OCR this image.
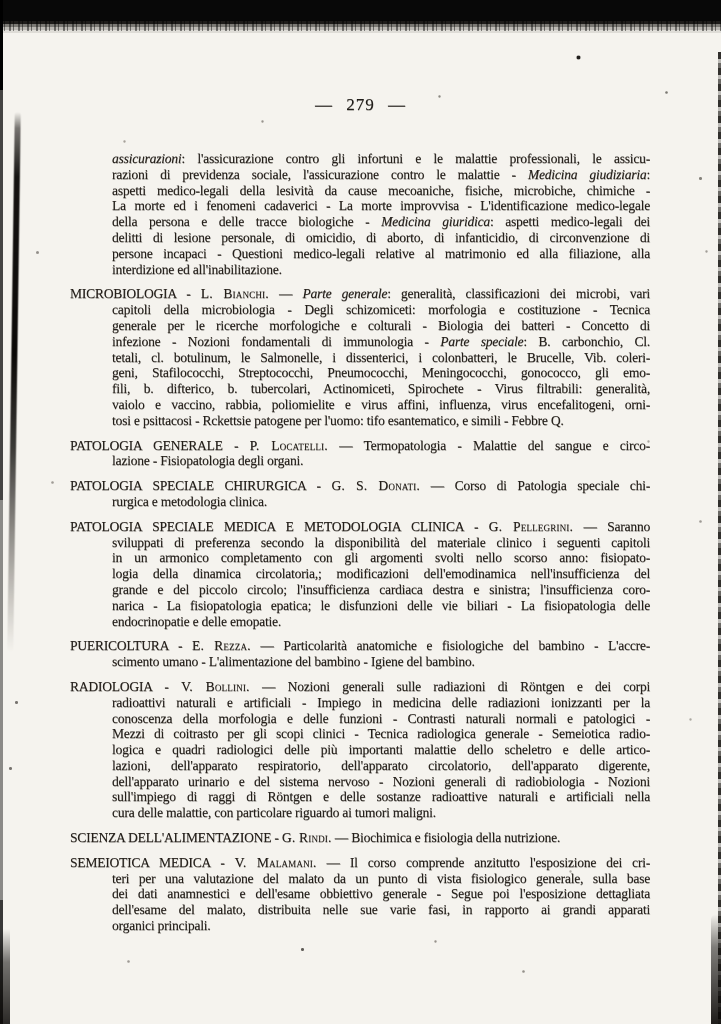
— 279 —
assicurazioni: l'assicurazione contro gli infortuni e le malattie professionali, le assicu-
razioni di previdenza sociale, l'assicurazione contro le malattie - Medicina giudiziaria:
aspetti medico-legali della lesività da cause mecoaniche, fisiche, microbiche, chimiche -
La morte ed i fenomeni cadaverici - La morte improvvisa - L'identificazione medico-legale
della persona e delle tracce biologiche - Medicina giuridica: aspetti medico-legali dei
delitti di lesione personale, di omicidio, di aborto, di infanticidio, di circonvenzione di
persone incapaci - Questioni medico-legali relative al matrimonio ed alla filiazione, alla
interdizione ed all'inabilitazione.
MICROBIOLOGIA - L. Bianchi. — Parte generale: generalità, classificazioni dei microbi, vari
capitoli della microbiologia - Degli schizomiceti: morfologia e costituzione - Tecnica
generale per le ricerche morfologiche e colturali - Biologia dei batteri - Concetto di
infezione - Nozioni fondamentali di immunologia - Parte speciale: B. carbonchio, Cl.
tetali, cl. botulinum, le Salmonelle, i dissenterici, i colonbatteri, le Brucelle, Vib. coleri-
geni, Stafilococchi, Streptococchi, Pneumococchi, Meningococchi, gonococco, gli emo-
fili, b. difterico, b. tubercolari, Actinomiceti, Spirochete - Virus filtrabili: generalità,
vaiolo e vaccino, rabbia, poliomielite e virus affini, influenza, virus encefalitogeni, orni-
tosi e psittacosi - Rckettsie patogene per l'uomo: tifo esantematico, e simili - Febbre Q.
PATOLOGIA GENERALE - P. Locatelli. — Termopatologia - Malattie del sangue e circo-
lazione - Fisiopatologia degli organi.
PATOLOGIA SPECIALE CHIRURGICA - G. S. Donati. — Corso di Patologia speciale chi-
rurgica e metodologia clinica.
PATOLOGIA SPECIALE MEDICA E METODOLOGIA CLINICA - G. Pellegrini. — Saranno
sviluppati di preferenza secondo la disponibilità del materiale clinico i seguenti capitoli
in un armonico completamento con gli argomenti svolti nello scorso anno: fisiopato-
logia della dinamica circolatoria,; modificazioni dell'emodinamica nell'insufficienza del
grande e del piccolo circolo; l'insufficienza cardiaca destra e sinistra; l'insufficienza coro-
narica - La fisiopatologia epatica; le disfunzioni delle vie biliari - La fisiopatologia delle
endocrinopatie e delle emopatie.
PUERICOLTURA - E. Rezza. — Particolarità anatomiche e fisiologiche del bambino - L'accre-
scimento umano - L'alimentazione del bambino - Igiene del bambino.
RADIOLOGIA - V. Bollini. — Nozioni generali sulle radiazioni di Röntgen e dei corpi
radioattivi naturali e artificiali - Impiego in medicina delle radiazioni ionizzanti per la
conoscenza della morfologia e delle funzioni - Contrasti naturali normali e patologici -
Mezzi di coitrasto per gli scopi clinici - Tecnica radiologica generale - Semeiotica radio-
logica e quadri radiologici delle più importanti malattie dello scheletro e delle artico-
lazioni, dell'apparato respiratorio, dell'apparato circolatorio, dell'apparato digerente,
dell'apparato urinario e del sistema nervoso - Nozioni generali di radiobiologia - Nozioni
sull'impiego di raggi di Röntgen e delle sostanze radioattive naturali e artificiali nella
cura delle malattie, con particolare riguardo ai tumori maligni.
SCIENZA DELL'ALIMENTAZIONE - G. Rindi. — Biochimica e fisiologia della nutrizione.
SEMEIOTICA MEDICA - V. Malamani. — Il corso comprende anzitutto l'esposizione dei cri-
teri per una valutazione del malato da un punto di vista fisiologico generale, sulla base
dei dati anamnestici e dell'esame obbiettivo generale - Segue poi l'esposizione dettagliata
dell'esame del malato, distribuita nelle sue varie fasi, in rapporto ai grandi apparati
organici principali.
